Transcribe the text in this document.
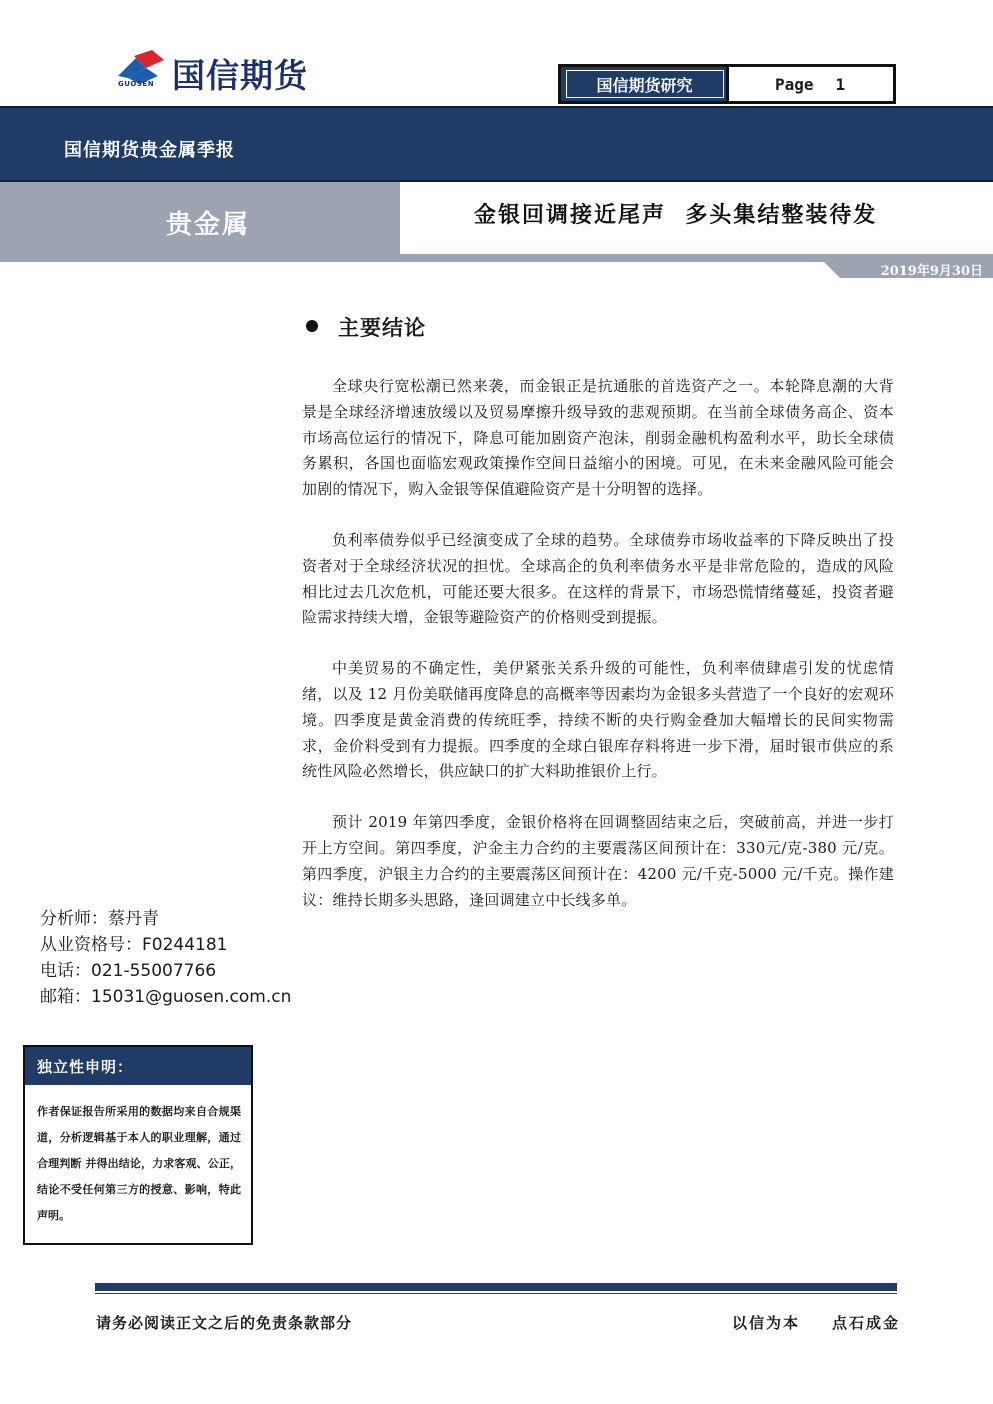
国信期货
GUOSEN	国信期货研究	Page 1
国信期货贵金属季报
贵金属	金银回调接近尾声  多头集结整装待发
2019年9月30日
主要结论

全球央行宽松潮已然来袭，而金银正是抗通胀的首选资产之一。本轮降息潮的大背景是全球经济增速放缓以及贸易摩擦升级导致的悲观预期。在当前全球债务高企、资本市场高位运行的情况下，降息可能加剧资产泡沫，削弱金融机构盈利水平，助长全球债务累积，各国也面临宏观政策操作空间日益缩小的困境。可见，在未来金融风险可能会加剧的情况下，购入金银等保值避险资产是十分明智的选择。

负利率债券似乎已经演变成了全球的趋势。全球债券市场收益率的下降反映出了投资者对于全球经济状况的担忧。全球高企的负利率债务水平是非常危险的，造成的风险相比过去几次危机，可能还要大很多。在这样的背景下，市场恐慌情绪蔓延，投资者避险需求持续大增，金银等避险资产的价格则受到提振。

中美贸易的不确定性，美伊紧张关系升级的可能性，负利率债肆虐引发的忧虑情绪，以及 12 月份美联储再度降息的高概率等因素均为金银多头营造了一个良好的宏观环境。四季度是黄金消费的传统旺季，持续不断的央行购金叠加大幅增长的民间实物需求，金价料受到有力提振。四季度的全球白银库存料将进一步下滑，届时银市供应的系统性风险必然增长，供应缺口的扩大料助推银价上行。

预计 2019 年第四季度，金银价格将在回调整固结束之后，突破前高，并进一步打开上方空间。第四季度，沪金主力合约的主要震荡区间预计在：330元/克-380 元/克。第四季度，沪银主力合约的主要震荡区间预计在：4200 元/千克-5000 元/千克。操作建议：维持长期多头思路，逢回调建立中长线多单。

分析师：蔡丹青
从业资格号：F0244181
电话：021-55007766
邮箱：15031@guosen.com.cn
独立性申明：
作者保证报告所采用的数据均来自合规渠道，分析逻辑基于本人的职业理解，通过合理判断 并得出结论，力求客观、公正，结论不受任何第三方的授意、影响，特此声明。
请务必阅读正文之后的免责条款部分	以信为本 点石成金
